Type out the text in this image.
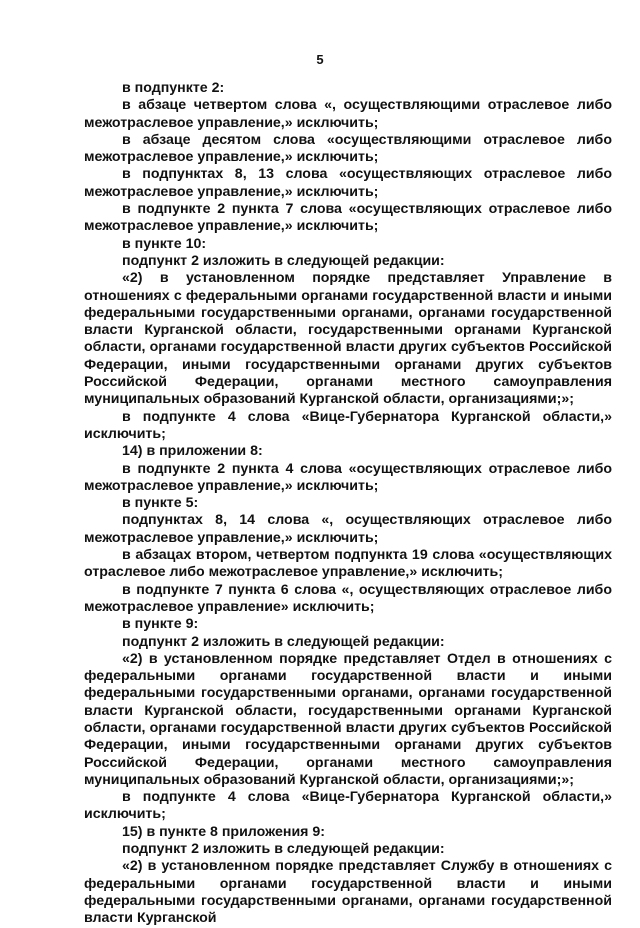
5

в подпункте 2:

в абзаце четвертом слова «, осуществляющими отраслевое либо межотраслевое управление,» исключить;

в абзаце десятом слова «осуществляющими отраслевое либо межотраслевое управление,» исключить;

в подпунктах 8, 13 слова «осуществляющих отраслевое либо межотраслевое управление,» исключить;

в подпункте 2 пункта 7 слова «осуществляющих отраслевое либо межотраслевое управление,» исключить;

в пункте 10:

подпункт 2 изложить в следующей редакции:

«2) в установленном порядке представляет Управление в отношениях с федеральными органами государственной власти и иными федеральными государственными органами, органами государственной власти Курганской области, государственными органами Курганской области, органами государственной власти других субъектов Российской Федерации, иными государственными органами других субъектов Российской Федерации, органами местного самоуправления муниципальных образований Курганской области, организациями;»;

в подпункте 4 слова «Вице-Губернатора Курганской области,» исключить;

14) в приложении 8:

в подпункте 2 пункта 4 слова «осуществляющих отраслевое либо межотраслевое управление,» исключить;

в пункте 5:

подпунктах 8, 14 слова «, осуществляющих отраслевое либо межотраслевое управление,» исключить;

в абзацах втором, четвертом подпункта 19 слова «осуществляющих отраслевое либо межотраслевое управление,» исключить;

в подпункте 7 пункта 6 слова «, осуществляющих отраслевое либо межотраслевое управление» исключить;

в пункте 9:

подпункт 2 изложить в следующей редакции:

«2) в установленном порядке представляет Отдел в отношениях с федеральными органами государственной власти и иными федеральными государственными органами, органами государственной власти Курганской области, государственными органами Курганской области, органами государственной власти других субъектов Российской Федерации, иными государственными органами других субъектов Российской Федерации, органами местного самоуправления муниципальных образований Курганской области, организациями;»;

в подпункте 4 слова «Вице-Губернатора Курганской области,» исключить;

15) в пункте 8 приложения 9:

подпункт 2 изложить в следующей редакции:

«2) в установленном порядке представляет Службу в отношениях с федеральными органами государственной власти и иными федеральными государственными органами, органами государственной власти Курганской
